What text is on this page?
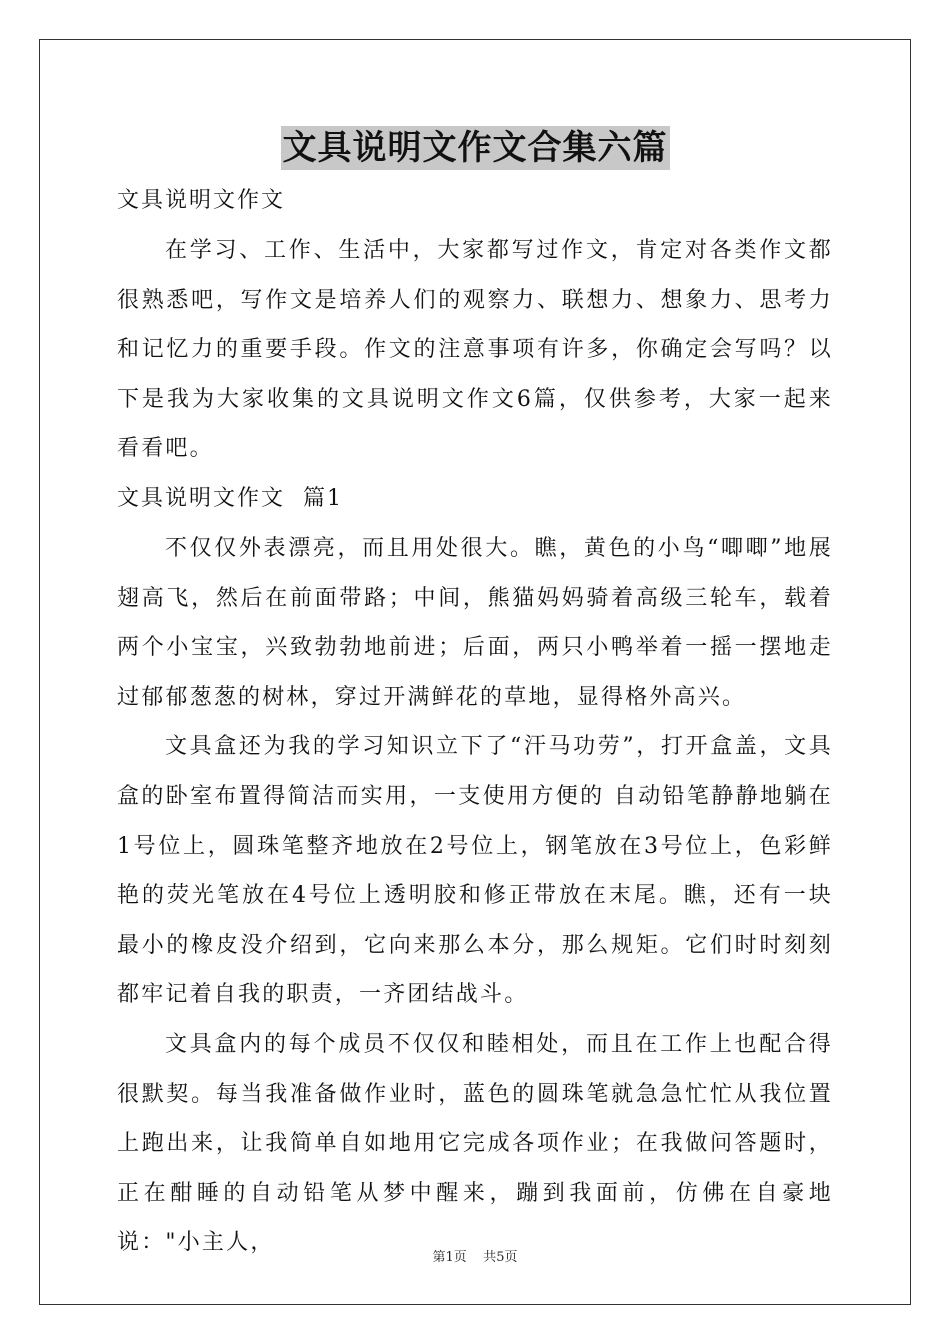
文具说明文作文合集六篇

文具说明文作文

在学习、工作、生活中，大家都写过作文，肯定对各类作文都很熟悉吧，写作文是培养人们的观察力、联想力、想象力、思考力和记忆力的重要手段。作文的注意事项有许多，你确定会写吗？以下是我为大家收集的文具说明文作文6篇，仅供参考，大家一起来看看吧。

文具说明文作文  篇1

不仅仅外表漂亮，而且用处很大。瞧，黄色的小鸟“唧唧”地展翅高飞，然后在前面带路；中间，熊猫妈妈骑着高级三轮车，载着两个小宝宝，兴致勃勃地前进；后面，两只小鸭举着一摇一摆地走过郁郁葱葱的树林，穿过开满鲜花的草地，显得格外高兴。

文具盒还为我的学习知识立下了“汗马功劳”，打开盒盖，文具盒的卧室布置得简洁而实用，一支使用方便的 自动铅笔静静地躺在1号位上，圆珠笔整齐地放在2号位上，钢笔放在3号位上，色彩鲜艳的荧光笔放在4号位上透明胶和修正带放在末尾。瞧，还有一块最小的橡皮没介绍到，它向来那么本分，那么规矩。它们时时刻刻都牢记着自我的职责，一齐团结战斗。

文具盒内的每个成员不仅仅和睦相处，而且在工作上也配合得很默契。每当我准备做作业时，蓝色的圆珠笔就急急忙忙从我位置上跑出来，让我简单自如地用它完成各项作业；在我做问答题时，正在酣睡的自动铅笔从梦中醒来，蹦到我面前，仿佛在自豪地说："小主人，

第1页    共5页
